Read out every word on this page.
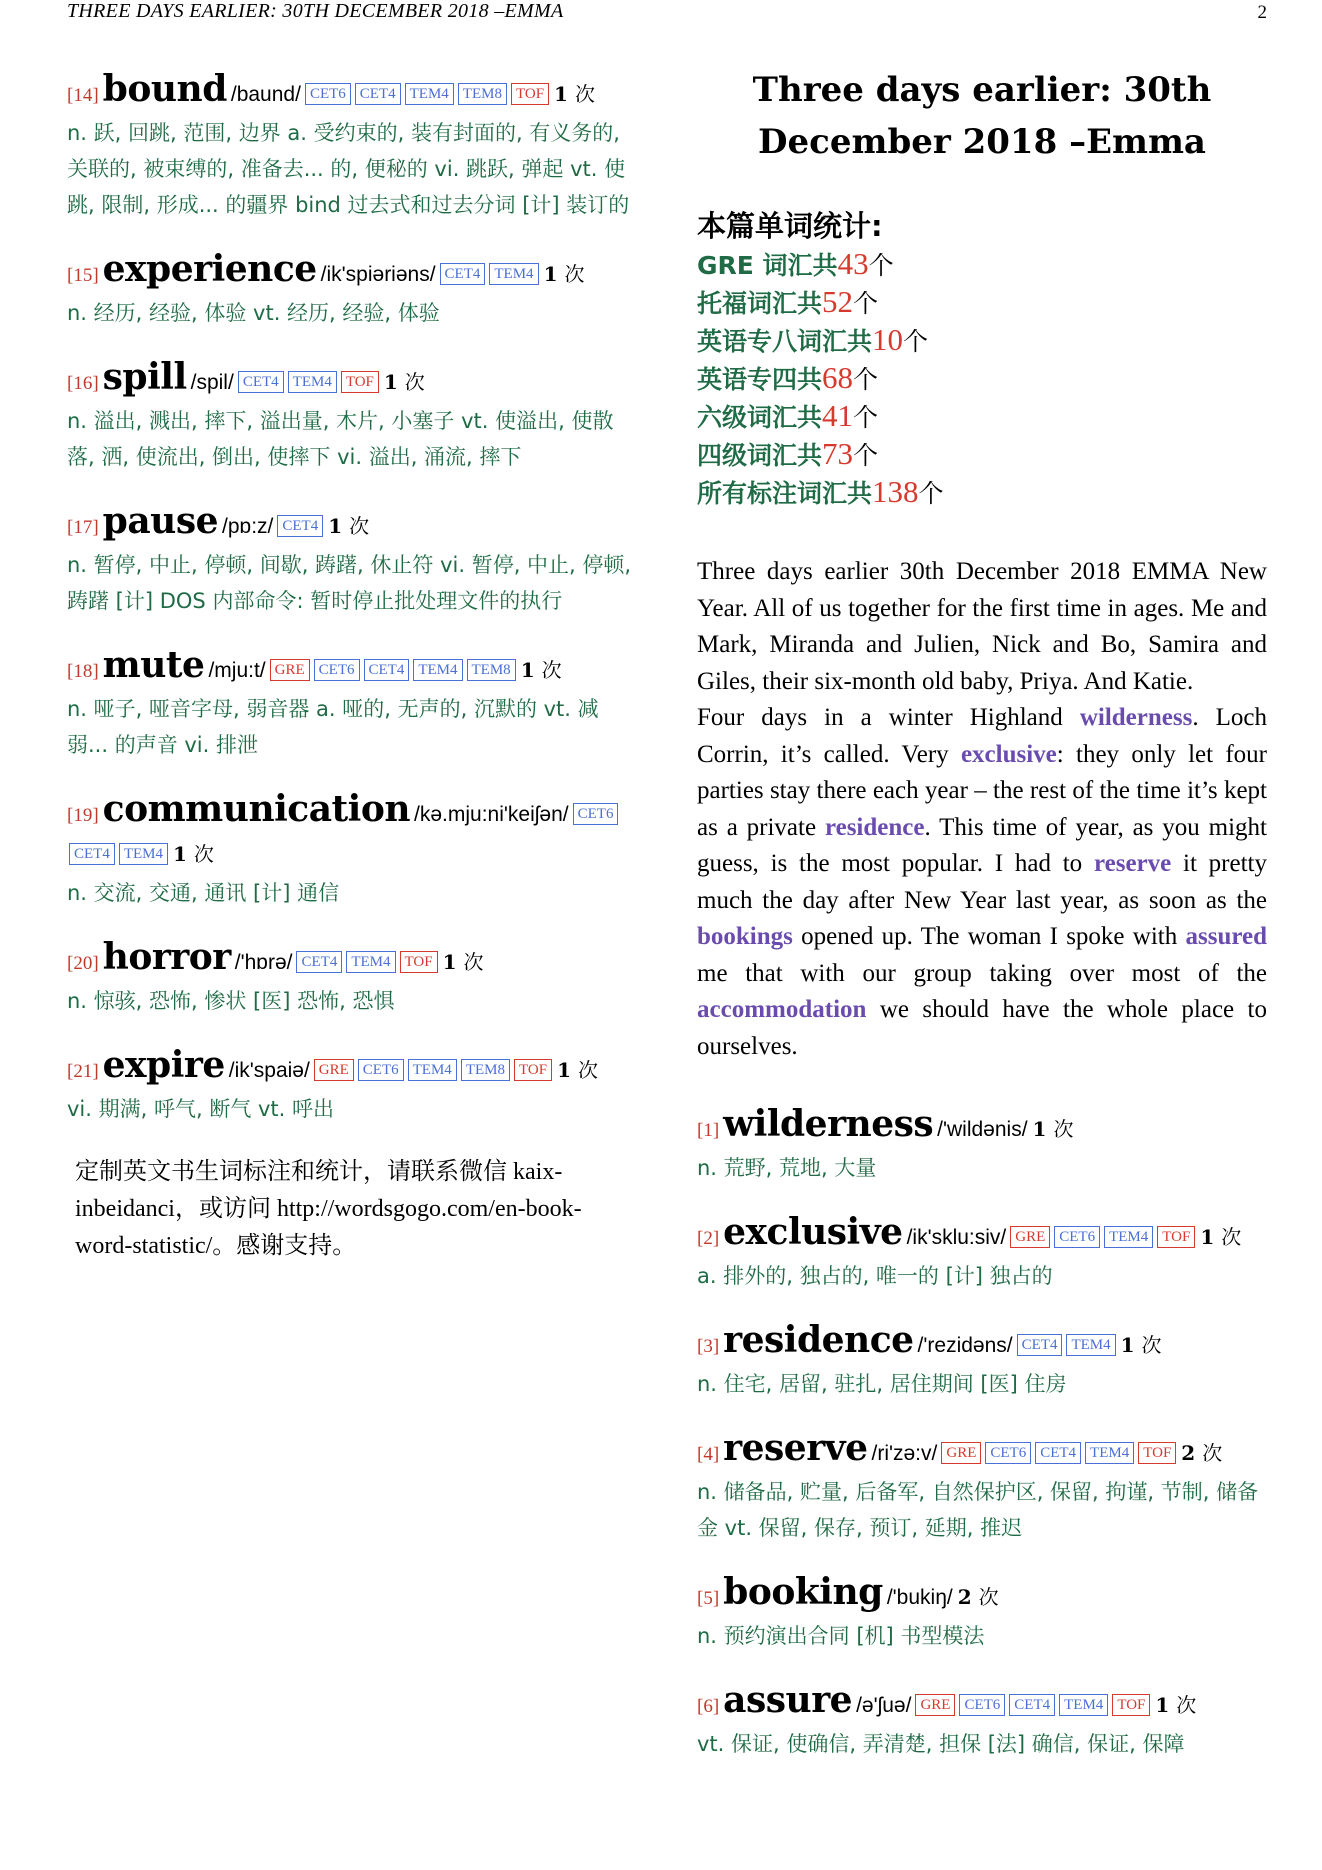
THREE DAYS EARLIER: 30TH DECEMBER 2018 –EMMA	2
[14] bound /baund/ CET6 CET4 TEM4 TEM8 TOF 1 次
n. 跃, 回跳, 范围, 边界 a. 受约束的, 装有封面的, 有义务的, 关联的, 被束缚的, 准备去... 的, 便秘的 vi. 跳跃, 弹起 vt. 使跳, 限制, 形成... 的疆界 bind 过去式和过去分词 [计] 装订的
[15] experience /ik'spiəriəns/ CET4 TEM4 1 次
n. 经历, 经验, 体验 vt. 经历, 经验, 体验
[16] spill /spil/ CET4 TEM4 TOF 1 次
n. 溢出, 溅出, 摔下, 溢出量, 木片, 小塞子 vt. 使溢出, 使散落, 洒, 使流出, 倒出, 使摔下 vi. 溢出, 涌流, 摔下
[17] pause /pɒ:z/ CET4 1 次
n. 暂停, 中止, 停顿, 间歇, 踌躇, 休止符 vi. 暂停, 中止, 停顿, 踌躇 [计] DOS 内部命令: 暂时停止批处理文件的执行
[18] mute /mju:t/ GRE CET6 CET4 TEM4 TEM8 1 次
n. 哑子, 哑音字母, 弱音器 a. 哑的, 无声的, 沉默的 vt. 减弱... 的声音 vi. 排泄
[19] communication /kə.mju:ni'keiʃən/ CET6CET4 TEM4 1 次
n. 交流, 交通, 通讯 [计] 通信
[20] horror /'hɒrə/ CET4 TEM4 TOF 1 次
n. 惊骇, 恐怖, 惨状 [医] 恐怖, 恐惧
[21] expire /ik'spaiə/ GRE CET6 TEM4 TEM8 TOF 1 次
vi. 期满, 呼气, 断气 vt. 呼出
定制英文书生词标注和统计，请联系微信 kaix-inbeidanci，或访问 http://wordsgogo.com/en-book-word-statistic/。感谢支持。
Three days earlier: 30th December 2018 –Emma
本篇单词统计:
GRE 词汇共43个
托福词汇共52个
英语专八词汇共10个
英语专四共68个
六级词汇共41个
四级词汇共73个
所有标注词汇共138个

Three days earlier 30th December 2018 EMMA New Year. All of us together for the first time in ages. Me and Mark, Miranda and Julien, Nick and Bo, Samira and Giles, their six-month old baby, Priya. And Katie.

Four days in a winter Highland wilderness. Loch Corrin, it’s called. Very exclusive: they only let four parties stay there each year – the rest of the time it’s kept as a private residence. This time of year, as you might guess, is the most popular. I had to reserve it pretty much the day after New Year last year, as soon as the bookings opened up. The woman I spoke with assured me that with our group taking over most of the accommodation we should have the whole place to ourselves.

[1] wilderness /'wildənis/ 1 次
n. 荒野, 荒地, 大量
[2] exclusive /ik'sklu:siv/ GRE CET6 TEM4 TOF 1 次
a. 排外的, 独占的, 唯一的 [计] 独占的
[3] residence /'rezidəns/ CET4 TEM4 1 次
n. 住宅, 居留, 驻扎, 居住期间 [医] 住房
[4] reserve /ri'zə:v/ GRE CET6 CET4 TEM4 TOF 2 次
n. 储备品, 贮量, 后备军, 自然保护区, 保留, 拘谨, 节制, 储备金 vt. 保留, 保存, 预订, 延期, 推迟
[5] booking /'bukiŋ/ 2 次
n. 预约演出合同 [机] 书型模法
[6] assure /ə'ʃuə/ GRE CET6 CET4 TEM4 TOF 1 次
vt. 保证, 使确信, 弄清楚, 担保 [法] 确信, 保证, 保障
